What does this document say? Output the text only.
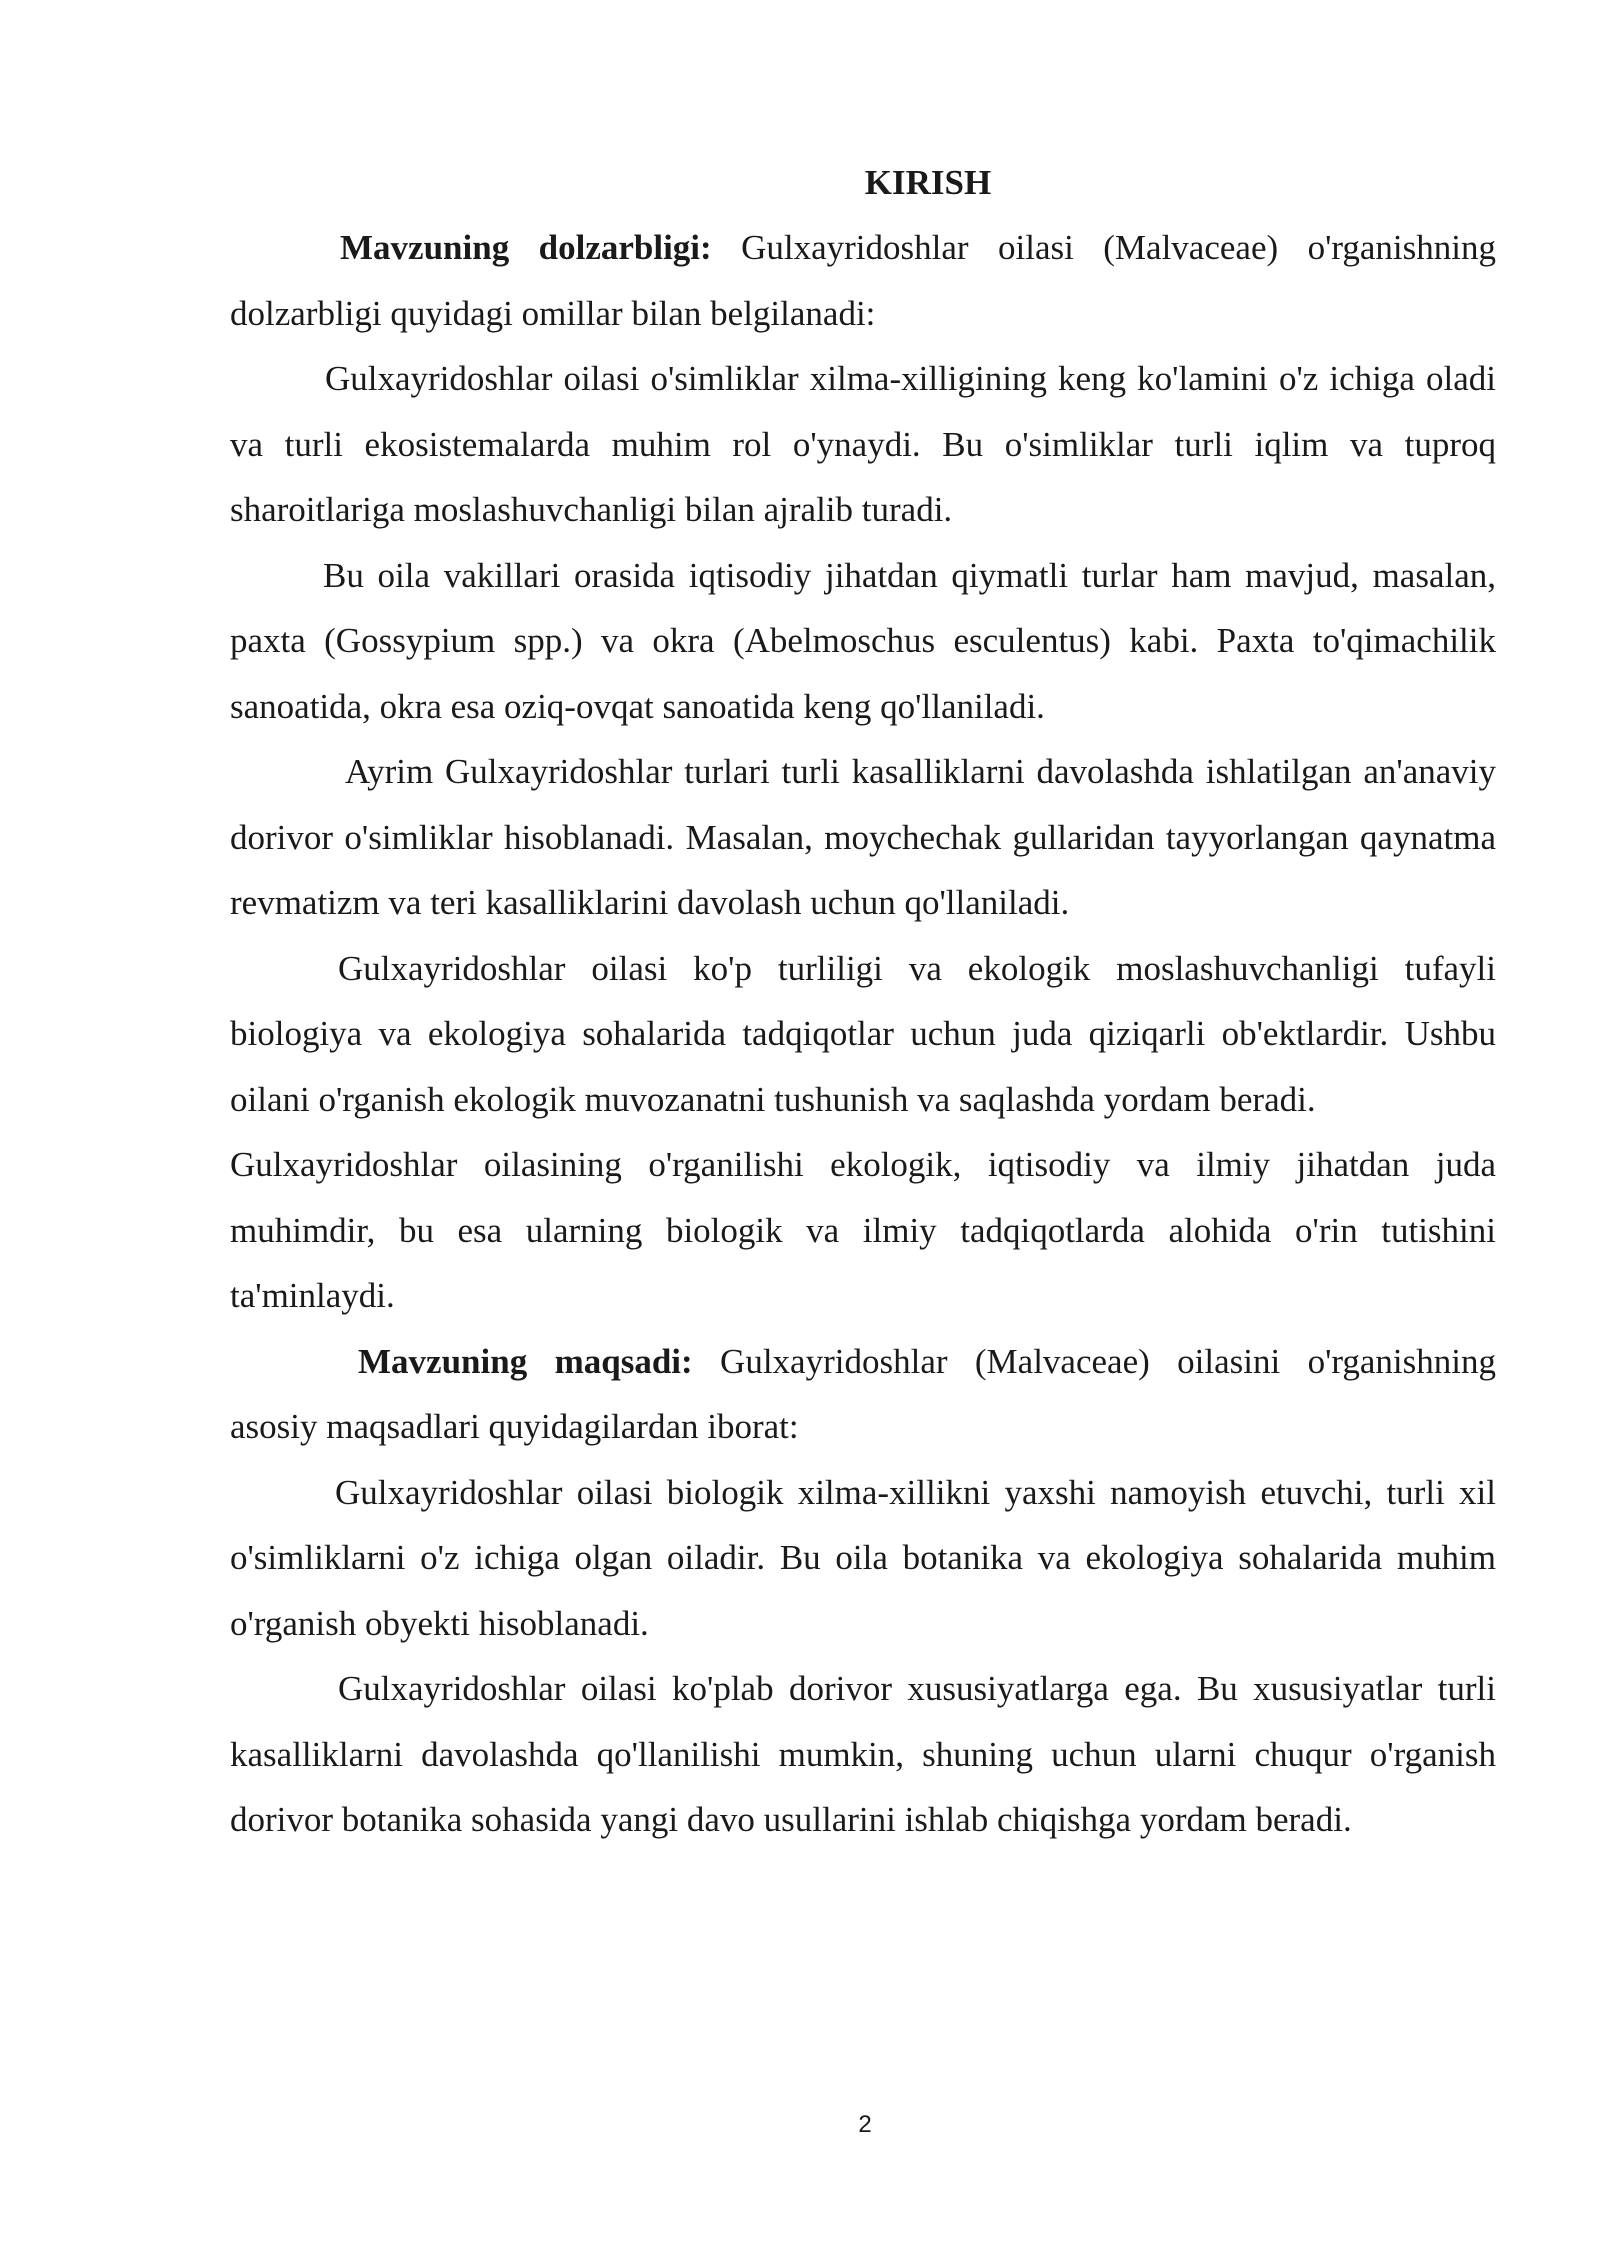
KIRISH

Mavzuning dolzarbligi: Gulxayridoshlar oilasi (Malvaceae) o'rganishning dolzarbligi quyidagi omillar bilan belgilanadi:

Gulxayridoshlar oilasi o'simliklar xilma-xilligining keng ko'lamini o'z ichiga oladi va turli ekosistemalarda muhim rol o'ynaydi. Bu o'simliklar turli iqlim va tuproq sharoitlariga moslashuvchanligi bilan ajralib turadi.

Bu oila vakillari orasida iqtisodiy jihatdan qiymatli turlar ham mavjud, masalan, paxta (Gossypium spp.) va okra (Abelmoschus esculentus) kabi. Paxta to'qimachilik sanoatida, okra esa oziq-ovqat sanoatida keng qo'llaniladi.

Ayrim Gulxayridoshlar turlari turli kasalliklarni davolashda ishlatilgan an'anaviy dorivor o'simliklar hisoblanadi. Masalan, moychechak gullaridan tayyorlangan qaynatma revmatizm va teri kasalliklarini davolash uchun qo'llaniladi.

Gulxayridoshlar oilasi ko'p turliligi va ekologik moslashuvchanligi tufayli biologiya va ekologiya sohalarida tadqiqotlar uchun juda qiziqarli ob'ektlardir. Ushbu oilani o'rganish ekologik muvozanatni tushunish va saqlashda yordam beradi.

Gulxayridoshlar oilasining o'rganilishi ekologik, iqtisodiy va ilmiy jihatdan juda muhimdir, bu esa ularning biologik va ilmiy tadqiqotlarda alohida o'rin tutishini ta'minlaydi.

Mavzuning maqsadi: Gulxayridoshlar (Malvaceae) oilasini o'rganishning asosiy maqsadlari quyidagilardan iborat:

Gulxayridoshlar oilasi biologik xilma-xillikni yaxshi namoyish etuvchi, turli xil o'simliklarni o'z ichiga olgan oiladir. Bu oila botanika va ekologiya sohalarida muhim o'rganish obyekti hisoblanadi.

Gulxayridoshlar oilasi ko'plab dorivor xususiyatlarga ega. Bu xususiyatlar turli kasalliklarni davolashda qo'llanilishi mumkin, shuning uchun ularni chuqur o'rganish dorivor botanika sohasida yangi davo usullarini ishlab chiqishga yordam beradi.

2
